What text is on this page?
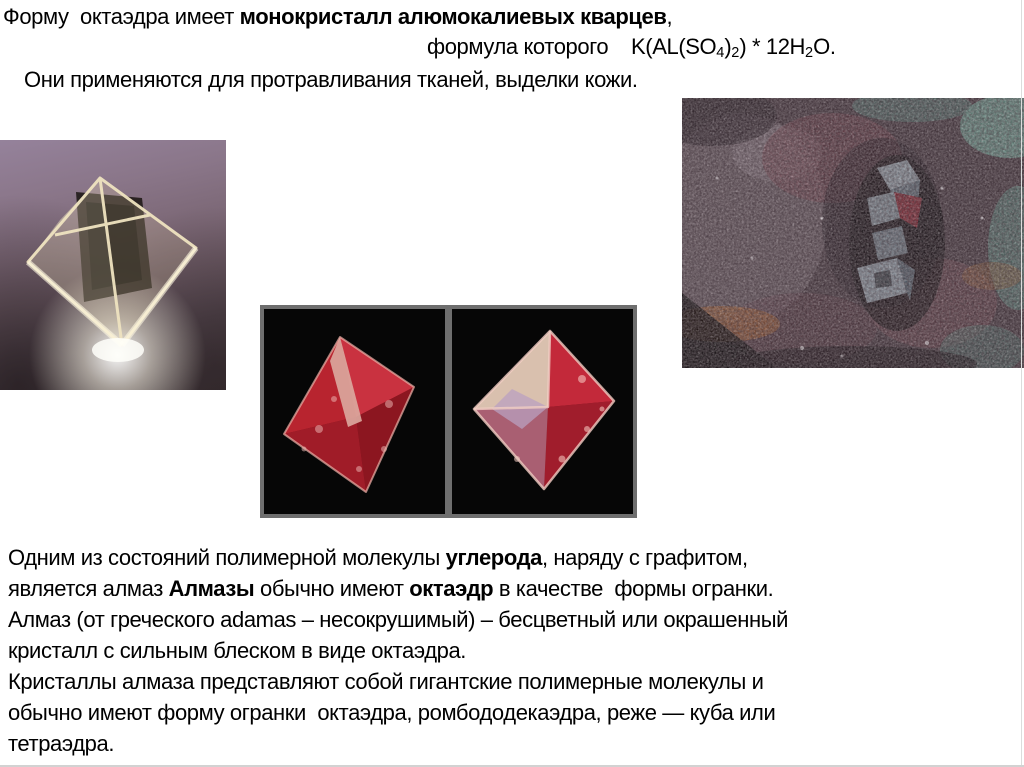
Форму  октаэдра имеет монокристалл алюмокалиевых кварцев,
формула которого    K(AL(SO4)2) * 12H2O.
Они применяются для протравливания тканей, выделки кожи.
Одним из состояний полимерной молекулы углерода, наряду с графитом,
является алмаз Алмазы обычно имеют октаэдр в качестве  формы огранки.
Алмаз (от греческого adamas – несокрушимый) – бесцветный или окрашенный
кристалл с сильным блеском в виде октаэдра.
Кристаллы алмаза представляют собой гигантские полимерные молекулы и
обычно имеют форму огранки  октаэдра, ромбододекаэдра, реже — куба или
тетраэдра.
